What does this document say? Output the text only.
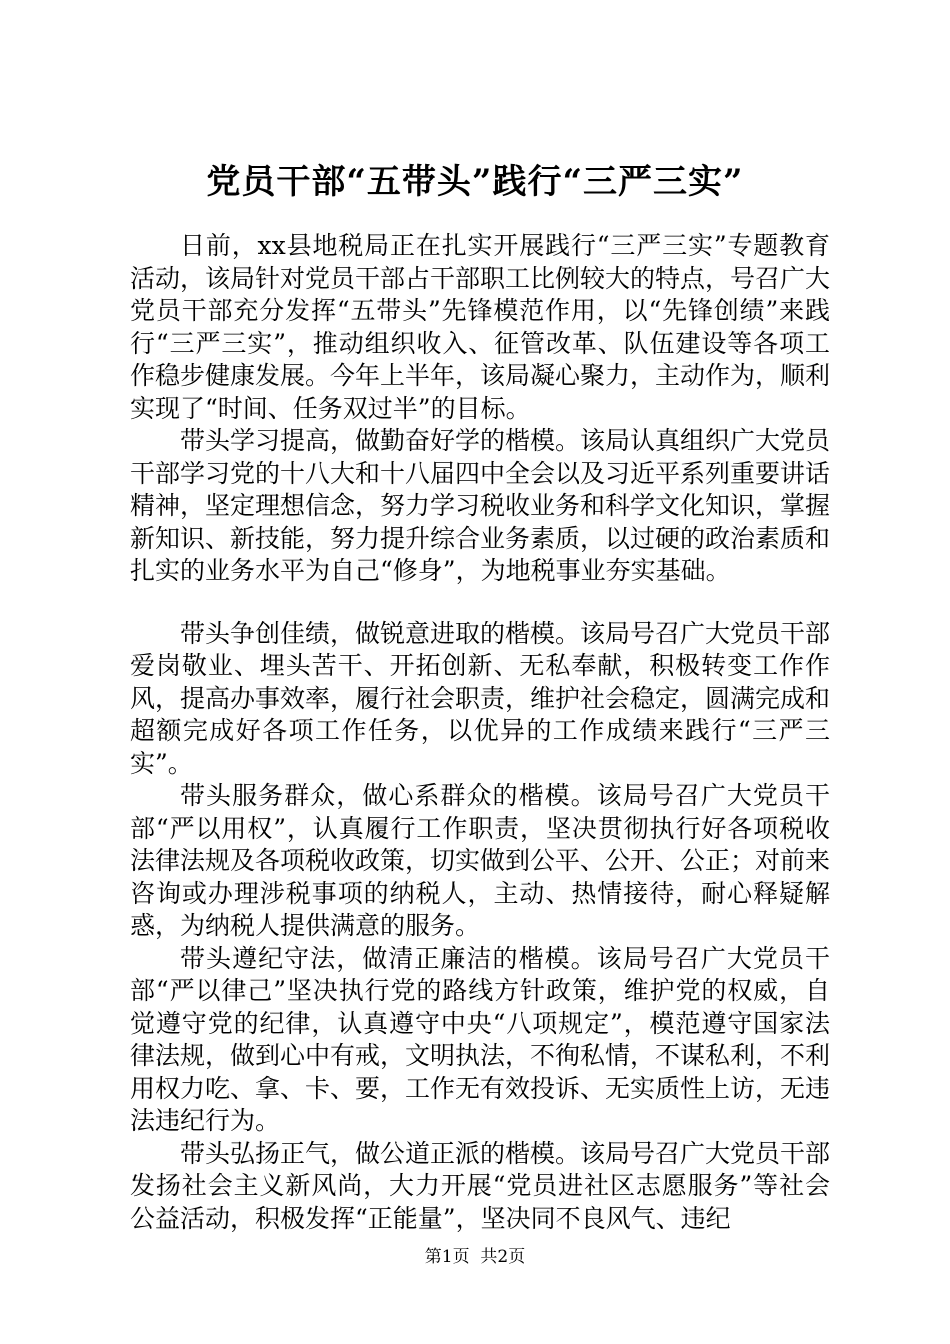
党员干部“五带头”践行“三严三实”

日前，xx县地税局正在扎实开展践行“三严三实”专题教育活动，该局针对党员干部占干部职工比例较大的特点，号召广大党员干部充分发挥“五带头”先锋模范作用，以“先锋创绩”来践行“三严三实”，推动组织收入、征管改革、队伍建设等各项工作稳步健康发展。今年上半年，该局凝心聚力，主动作为，顺利实现了“时间、任务双过半”的目标。

带头学习提高，做勤奋好学的楷模。该局认真组织广大党员干部学习党的十八大和十八届四中全会以及习近平系列重要讲话精神，坚定理想信念，努力学习税收业务和科学文化知识，掌握新知识、新技能，努力提升综合业务素质，以过硬的政治素质和扎实的业务水平为自己“修身”，为地税事业夯实基础。

带头争创佳绩，做锐意进取的楷模。该局号召广大党员干部爱岗敬业、埋头苦干、开拓创新、无私奉献，积极转变工作作风，提高办事效率，履行社会职责，维护社会稳定，圆满完成和超额完成好各项工作任务，以优异的工作成绩来践行“三严三实”。

带头服务群众，做心系群众的楷模。该局号召广大党员干部“严以用权”，认真履行工作职责，坚决贯彻执行好各项税收法律法规及各项税收政策，切实做到公平、公开、公正；对前来咨询或办理涉税事项的纳税人，主动、热情接待，耐心释疑解惑，为纳税人提供满意的服务。

带头遵纪守法，做清正廉洁的楷模。该局号召广大党员干部“严以律己”坚决执行党的路线方针政策，维护党的权威，自觉遵守党的纪律，认真遵守中央“八项规定”，模范遵守国家法律法规，做到心中有戒，文明执法，不徇私情，不谋私利，不利用权力吃、拿、卡、要，工作无有效投诉、无实质性上访，无违法违纪行为。

带头弘扬正气，做公道正派的楷模。该局号召广大党员干部发扬社会主义新风尚，大力开展“党员进社区志愿服务”等社会公益活动，积极发挥“正能量”，坚决同不良风气、违纪

第1页  共2页
